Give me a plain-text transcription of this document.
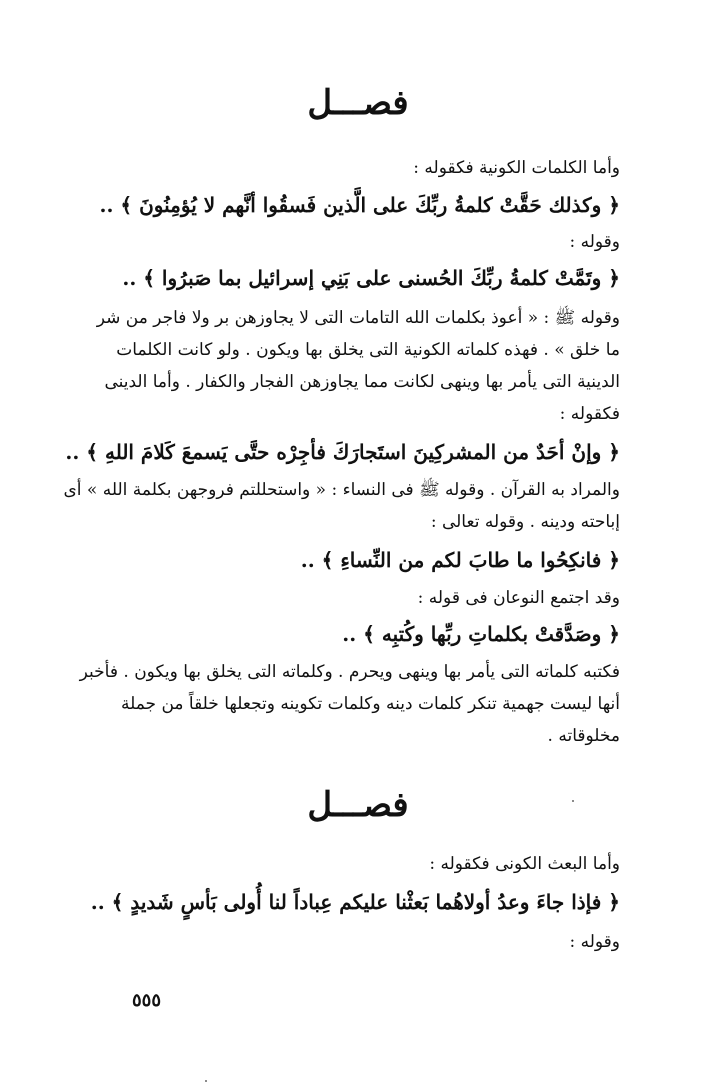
فصـــل
وأما الكلمات الكونية فكقوله :
﴿ وكذلك حَقَّتْ كلمةُ ربِّكَ على الَّذين فَسقُوا أنَّهم لا يُؤمِنُونَ ﴾ ..
وقوله :
﴿ وتَمَّتْ كلمةُ ربِّكَ الحُسنى على بَنِي إسرائيل بما صَبرُوا ﴾ ..
وقوله ﷺ : « أعوذ بكلمات الله التامات التى لا يجاوزهن بر ولا فاجر من شر
ما خلق » . فهذه كلماته الكونية التى يخلق بها ويكون . ولو كانت الكلمات
الدينية التى يأمر بها وينهى لكانت مما يجاوزهن الفجار والكفار . وأما الدينى
فكقوله :
﴿ وإنْ أحَدٌ من المشركِينَ استَجارَكَ فأجِرْه حتَّى يَسمعَ كَلامَ اللهِ ﴾ ..
والمراد به القرآن . وقوله ﷺ فى النساء : « واستحللتم فروجهن بكلمة الله » أى
إباحته ودينه . وقوله تعالى :
﴿ فانكِحُوا ما طابَ لكم من النِّساءِ ﴾ ..
وقد اجتمع النوعان فى قوله :
﴿ وصَدَّقتْ بكلماتِ ربِّها وكُتبِه ﴾ ..
فكتبه كلماته التى يأمر بها وينهى ويحرم . وكلماته التى يخلق بها ويكون . فأخبر
أنها ليست جهمية تنكر كلمات دينه وكلمات تكوينه وتجعلها خلقاً من جملة
مخلوقاته .
فصـــل
وأما البعث الكونى فكقوله :
﴿ فإذا جاءَ وعدُ أولاهُما بَعثْنا عليكم عِباداً لنا أُولى بَأسٍ شَديدٍ ﴾ ..
وقوله :
٥٥٥
